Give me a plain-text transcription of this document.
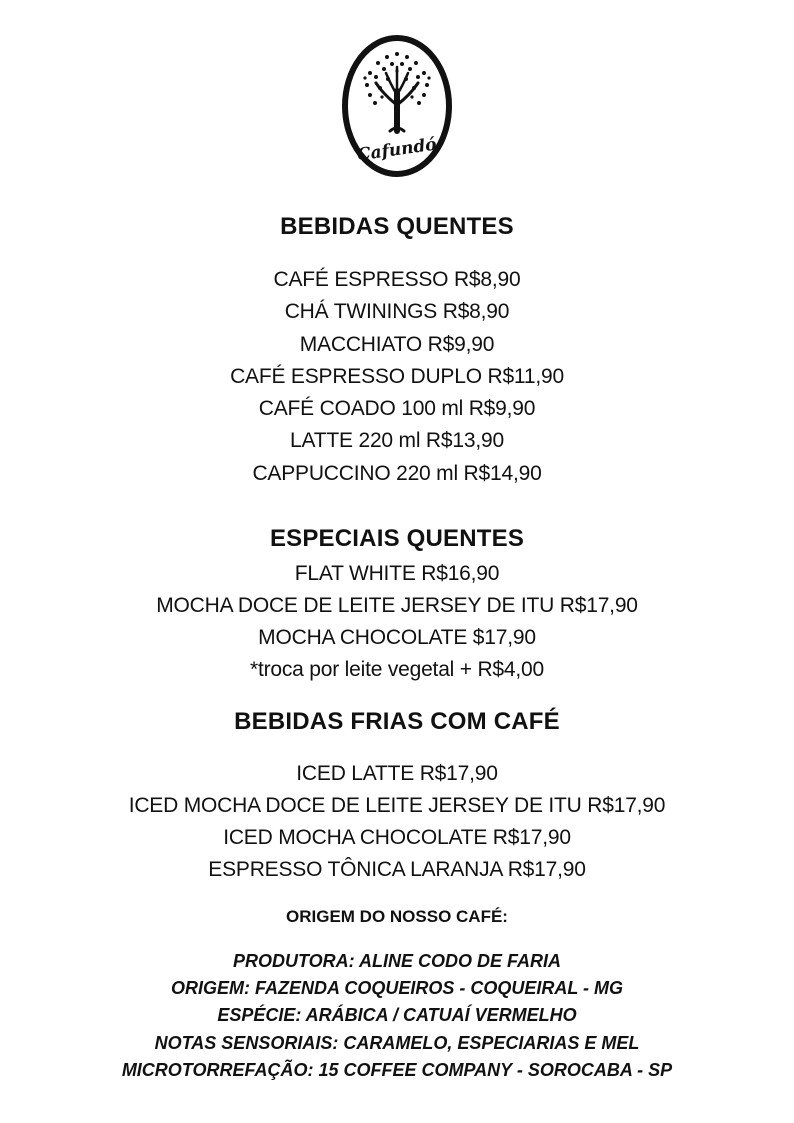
Cafundó
BEBIDAS QUENTES
CAFÉ ESPRESSO R$8,90
CHÁ TWININGS R$8,90
MACCHIATO R$9,90
CAFÉ ESPRESSO DUPLO R$11,90
CAFÉ COADO 100 ml R$9,90
LATTE 220 ml R$13,90
CAPPUCCINO 220 ml R$14,90
ESPECIAIS QUENTES
FLAT WHITE R$16,90
MOCHA DOCE DE LEITE JERSEY DE ITU R$17,90
MOCHA CHOCOLATE $17,90
*troca por leite vegetal + R$4,00
BEBIDAS FRIAS COM CAFÉ
ICED LATTE R$17,90
ICED MOCHA DOCE DE LEITE JERSEY DE ITU R$17,90
ICED MOCHA CHOCOLATE R$17,90
ESPRESSO TÔNICA LARANJA R$17,90
ORIGEM DO NOSSO CAFÉ:
PRODUTORA: ALINE CODO DE FARIA
ORIGEM: FAZENDA COQUEIROS - COQUEIRAL - MG
ESPÉCIE: ARÁBICA / CATUAÍ VERMELHO
NOTAS SENSORIAIS: CARAMELO, ESPECIARIAS E MEL
MICROTORREFAÇÃO: 15 COFFEE COMPANY - SOROCABA - SP
